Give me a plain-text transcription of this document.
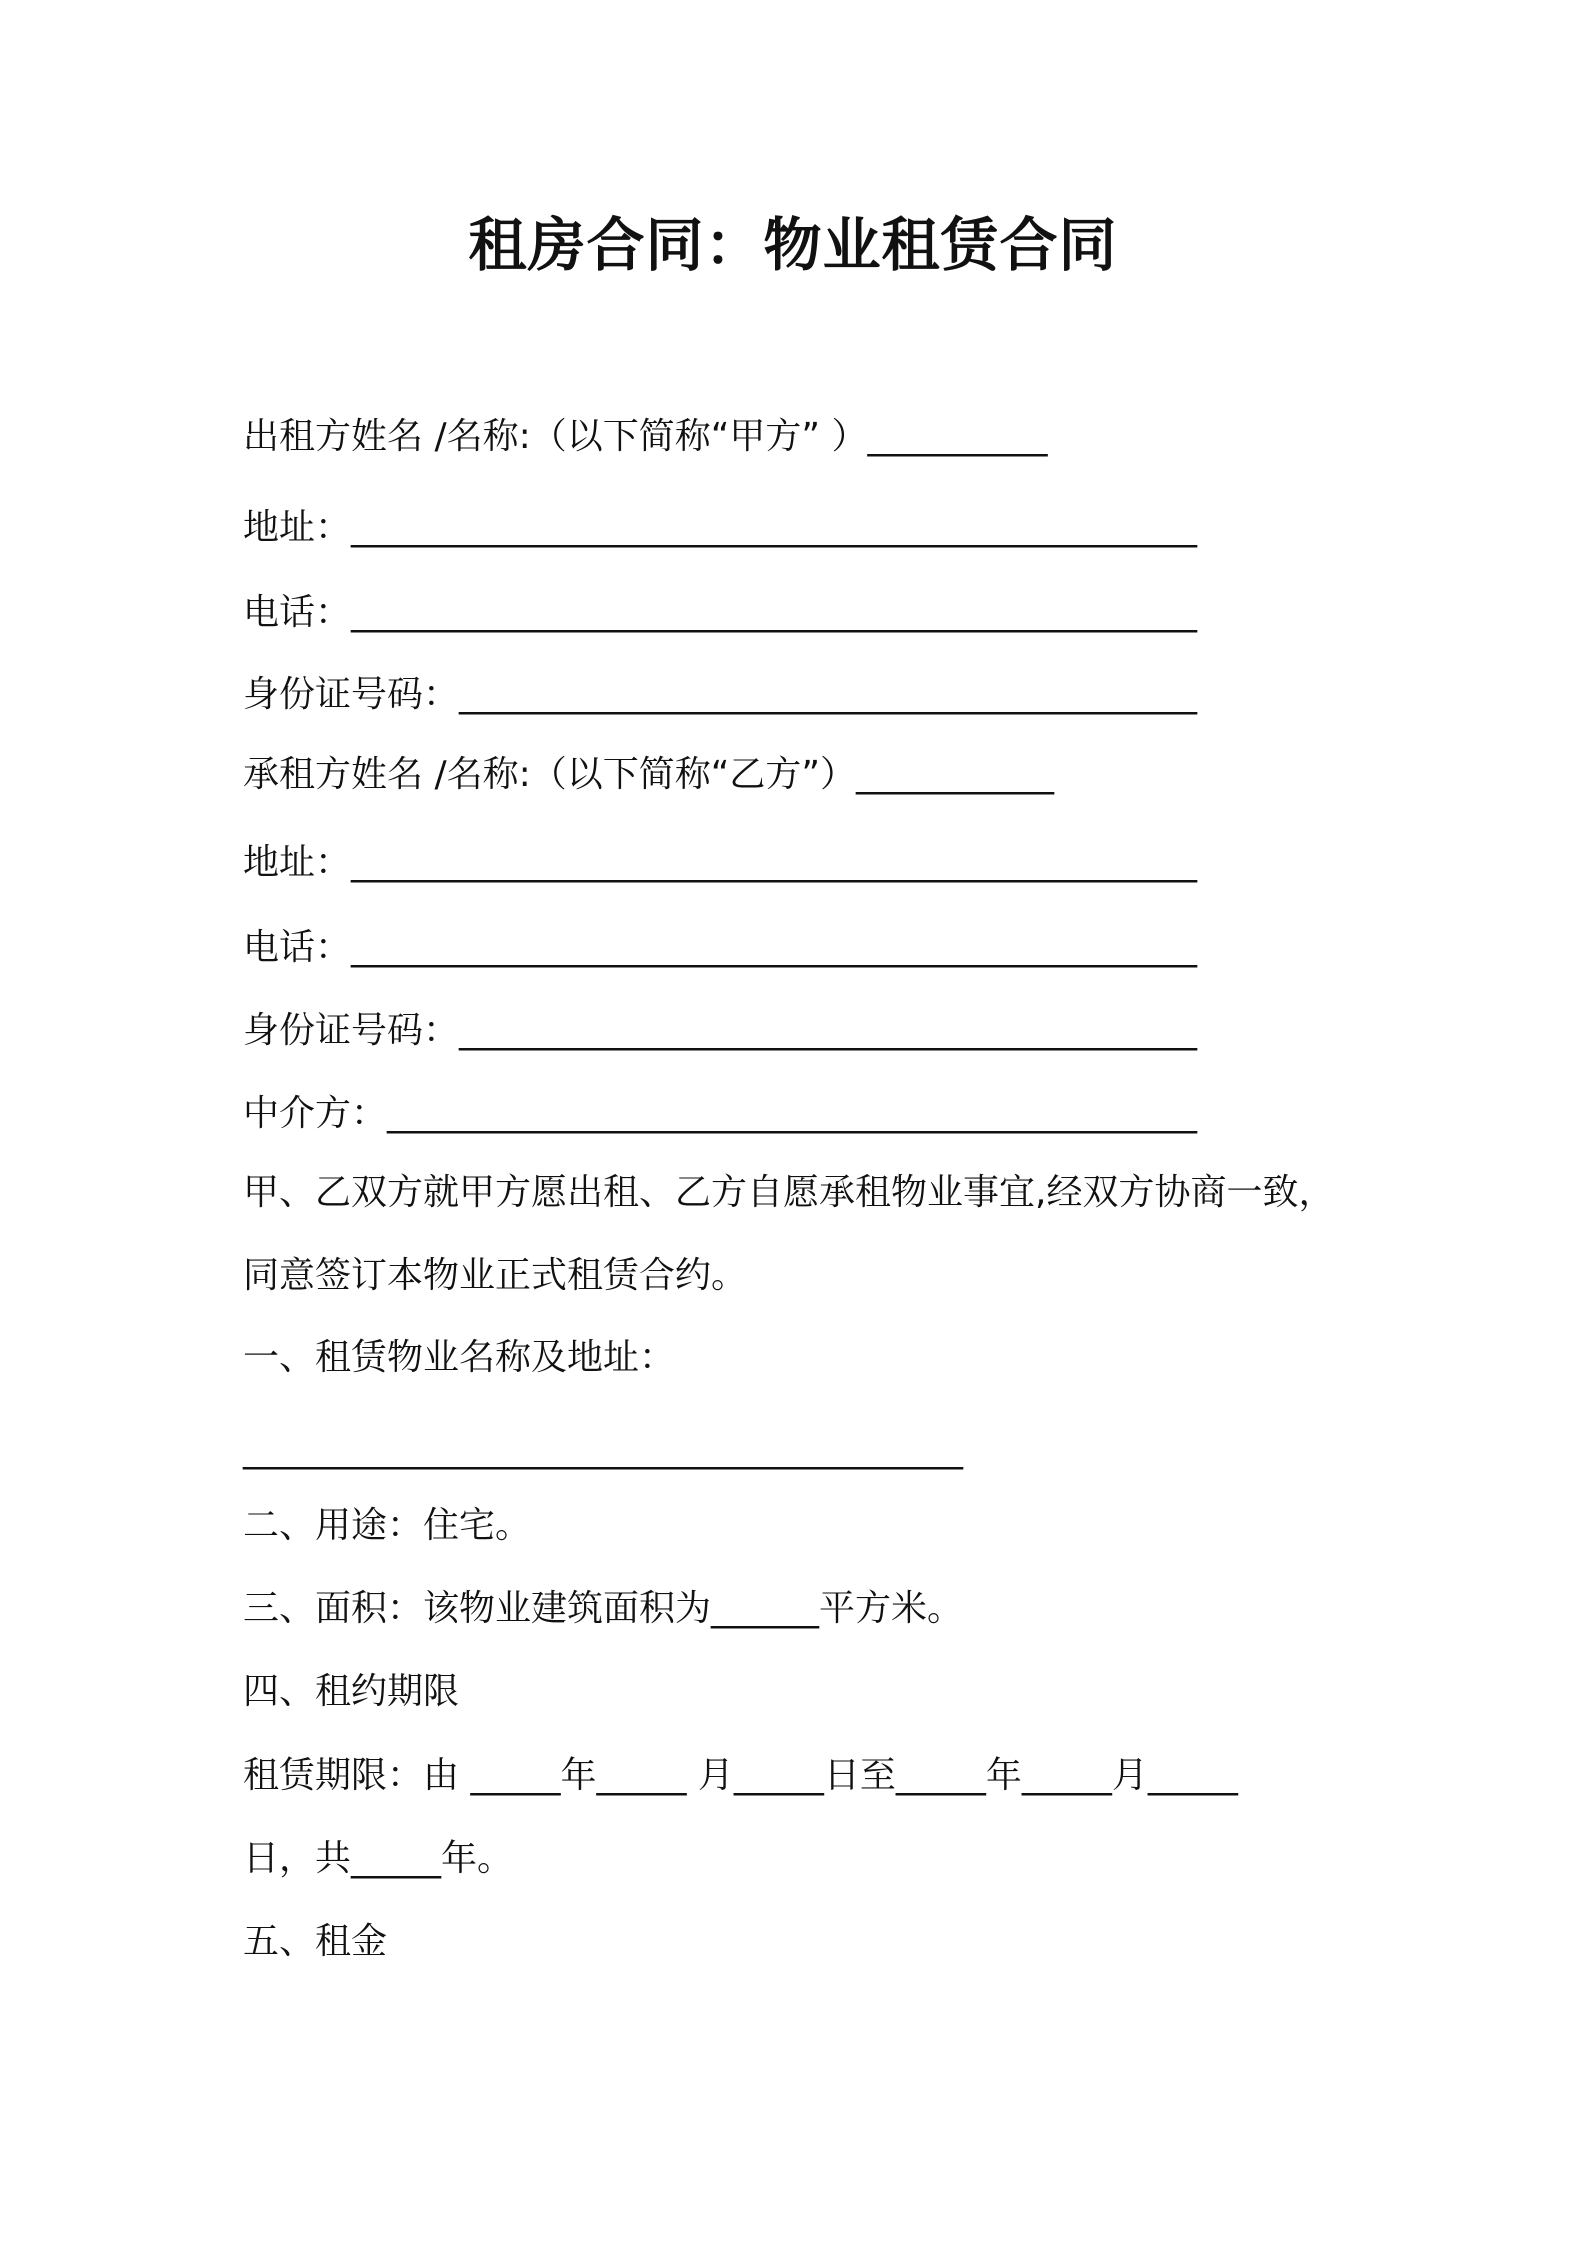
租房合同：物业租赁合同
出租方姓名 /名称:（以下简称“甲方” ）__________
地址：_______________________________________________
电话：_______________________________________________
身份证号码：_________________________________________
承租方姓名 /名称:（以下简称“乙方”）___________
地址：_______________________________________________
电话：_______________________________________________
身份证号码：_________________________________________
中介方：_____________________________________________
甲、乙双方就甲方愿出租、乙方自愿承租物业事宜,经双方协商一致，
同意签订本物业正式租赁合约。
一、租赁物业名称及地址：
________________________________________
二、用途：住宅。
三、面积：该物业建筑面积为______平方米。
四、租约期限
租赁期限：由 _____年_____ 月_____日至_____年_____月_____
日，共_____年。
五、租金
